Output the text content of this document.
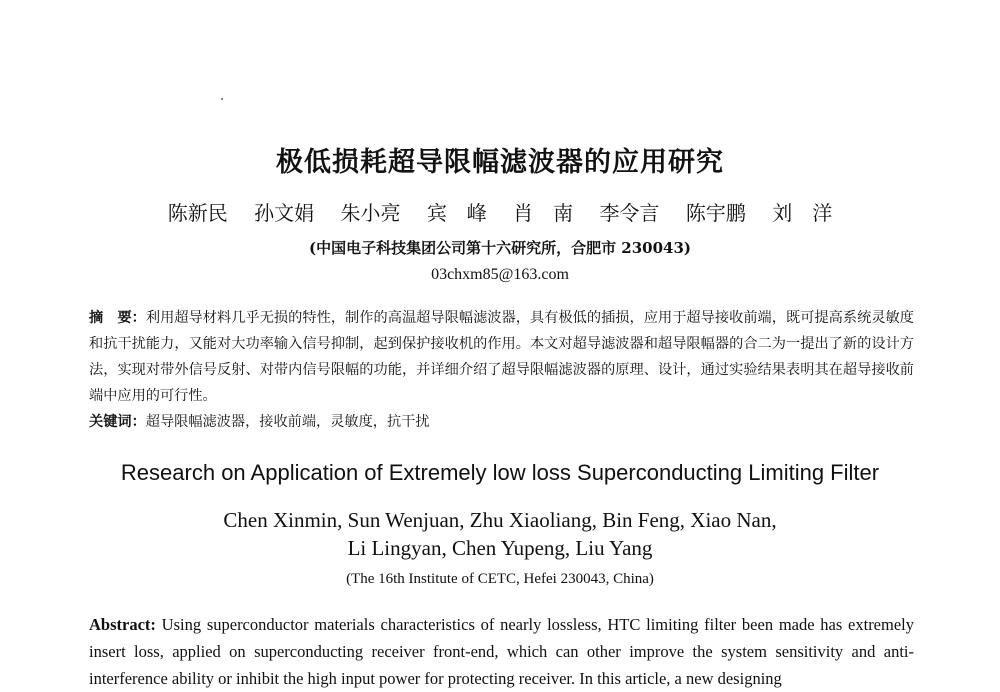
极低损耗超导限幅滤波器的应用研究
陈新民 孙文娟 朱小亮 宾　峰 肖　南 李令言 陈宇鹏 刘　洋
(中国电子科技集团公司第十六研究所，合肥市 230043)
03chxm85@163.com
摘　要：利用超导材料几乎无损的特性，制作的高温超导限幅滤波器，具有极低的插损，应用于超导接收前端，既可提高系统灵敏度和抗干扰能力，又能对大功率输入信号抑制，起到保护接收机的作用。本文对超导滤波器和超导限幅器的合二为一提出了新的设计方法，实现对带外信号反射、对带内信号限幅的功能，并详细介绍了超导限幅滤波器的原理、设计，通过实验结果表明其在超导接收前端中应用的可行性。
关键词：超导限幅滤波器，接收前端，灵敏度，抗干扰
Research on Application of Extremely low loss Superconducting Limiting Filter
Chen Xinmin, Sun Wenjuan, Zhu Xiaoliang, Bin Feng, Xiao Nan,
Li Lingyan, Chen Yupeng, Liu Yang
(The 16th Institute of CETC, Hefei 230043, China)
Abstract: Using superconductor materials characteristics of nearly lossless, HTC limiting filter been made has extremely insert loss, applied on superconducting receiver front-end, which can other improve the system sensitivity and anti-interference ability or inhibit the high input power for protecting receiver. In this article, a new designing
